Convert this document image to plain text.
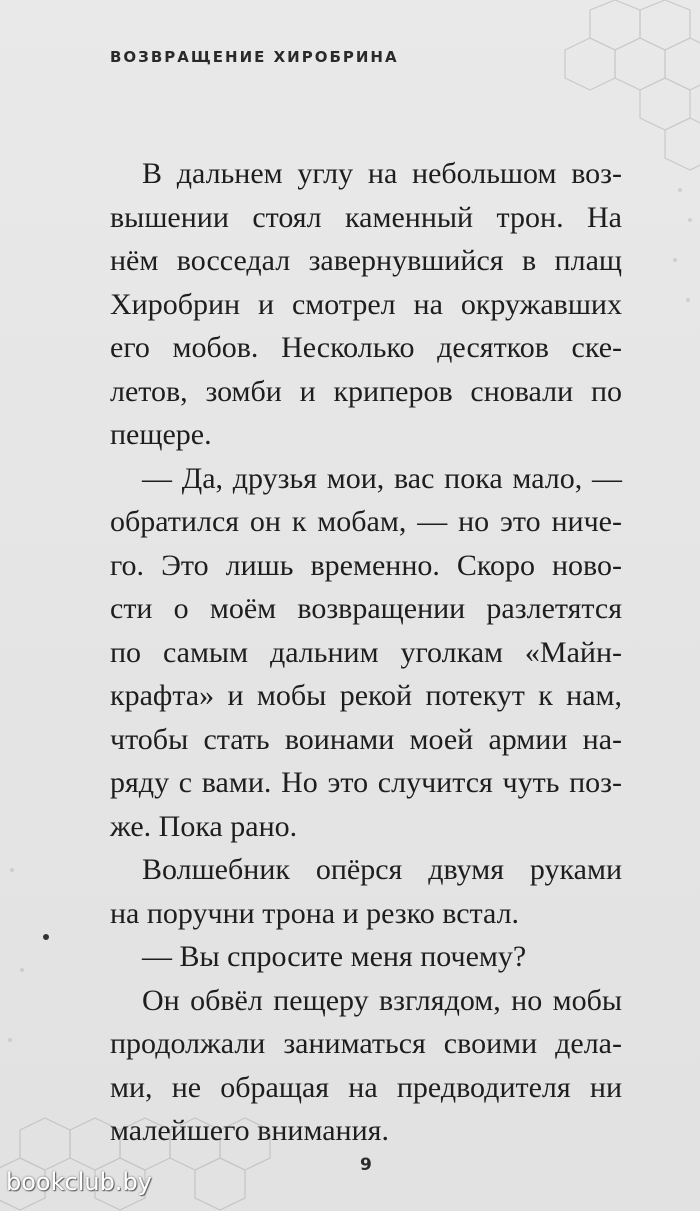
ВОЗВРАЩЕНИЕ ХИРОБРИНА
В дальнем углу на небольшом воз-
вышении стоял каменный трон. На
нём восседал завернувшийся в плащ
Хиробрин и смотрел на окружавших
его мобов. Несколько десятков ске-
летов, зомби и криперов сновали по
пещере.
— Да, друзья мои, вас пока мало, —
обратился он к мобам, — но это ниче-
го. Это лишь временно. Скоро ново-
сти о моём возвращении разлетятся
по самым дальним уголкам «Майн-
крафта» и мобы рекой потекут к нам,
чтобы стать воинами моей армии на-
ряду с вами. Но это случится чуть поз-
же. Пока рано.
Волшебник опёрся двумя руками
на поручни трона и резко встал.
— Вы спросите меня почему?
Он обвёл пещеру взглядом, но мобы
продолжали заниматься своими дела-
ми, не обращая на предводителя ни
малейшего внимания.
9
bookclub.by
